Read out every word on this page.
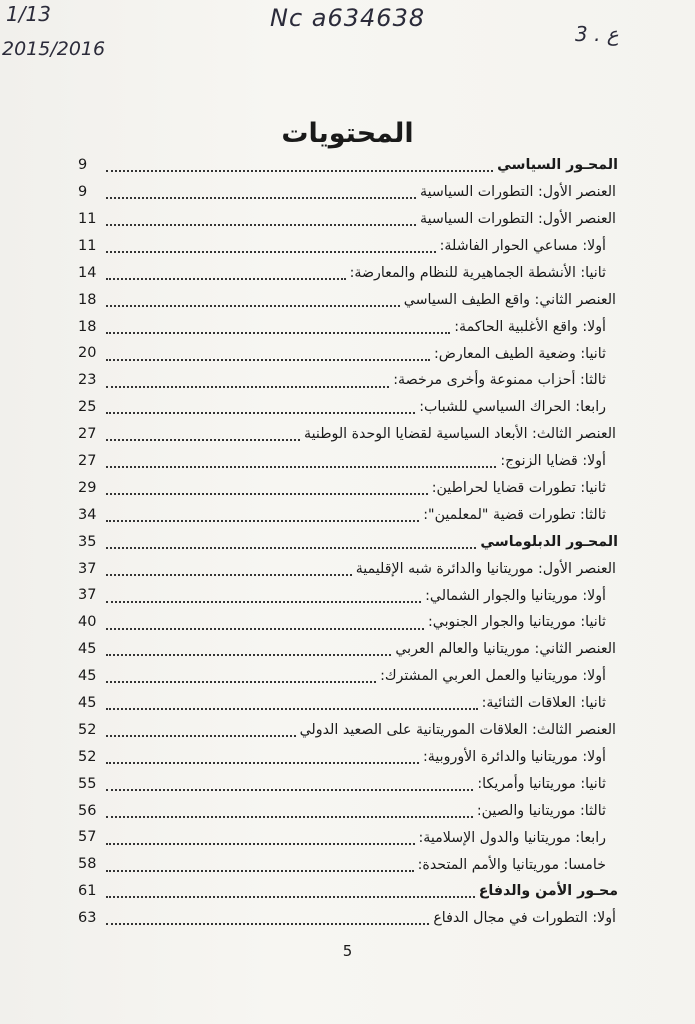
1/13	Nc a634638
2015/2016
3 . ع
المحتويات
9	المحـور السياسي
9	العنصر الأول: التطورات السياسية
11	العنصر الأول: التطورات السياسية
11	أولا: مساعي الحوار الفاشلة:
14	ثانيا: الأنشطة الجماهيرية للنظام والمعارضة:
18	العنصر الثاني: واقع الطيف السياسي
18	أولا: واقع الأغلبية الحاكمة:
20	ثانيا: وضعية الطيف المعارض:
23	ثالثا: أحزاب ممنوعة وأخرى مرخصة:
25	رابعا: الحراك السياسي للشباب:
27	العنصر الثالث: الأبعاد السياسية لقضايا الوحدة الوطنية
27	أولا: قضايا الزنوج:
29	ثانيا: تطورات قضايا لحراطين:
34	ثالثا: تطورات قضية "لمعلمين":
35	المحـور الدبلوماسي
37	العنصر الأول: موريتانيا والدائرة شبه الإقليمية
37	أولا: موريتانيا والجوار الشمالي:
40	ثانيا: موريتانيا والجوار الجنوبي:
45	العنصر الثاني: موريتانيا والعالم العربي
45	أولا: موريتانيا والعمل العربي المشترك:
45	ثانيا: العلاقات الثنائية:
52	العنصر الثالث: العلاقات الموريتانية على الصعيد الدولي
52	أولا: موريتانيا والدائرة الأوروبية:
55	ثانيا: موريتانيا وأمريكا:
56	ثالثا: موريتانيا والصين:
57	رابعا: موريتانيا والدول الإسلامية:
58	خامسا: موريتانيا والأمم المتحدة:
61	محـور الأمن والدفاع
63	أولا: التطورات في مجال الدفاع
5
